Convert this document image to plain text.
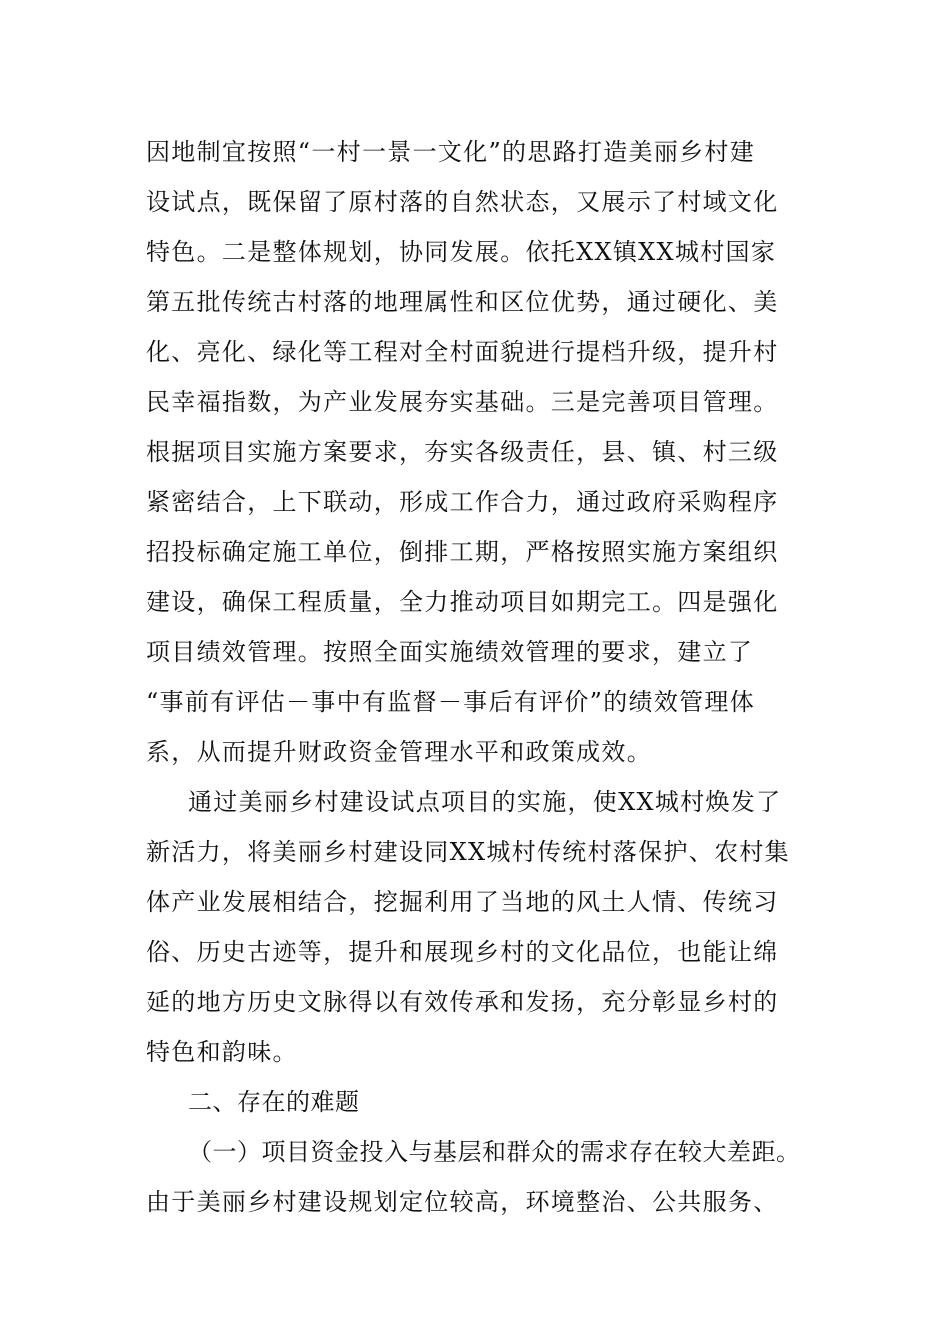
因地制宜按照“一村一景一文化”的思路打造美丽乡村建
设试点，既保留了原村落的自然状态，又展示了村域文化
特色。二是整体规划，协同发展。依托XX镇XX城村国家
第五批传统古村落的地理属性和区位优势，通过硬化、美
化、亮化、绿化等工程对全村面貌进行提档升级，提升村
民幸福指数，为产业发展夯实基础。三是完善项目管理。
根据项目实施方案要求，夯实各级责任，县、镇、村三级
紧密结合，上下联动，形成工作合力，通过政府采购程序
招投标确定施工单位，倒排工期，严格按照实施方案组织
建设，确保工程质量，全力推动项目如期完工。四是强化
项目绩效管理。按照全面实施绩效管理的要求，建立了
“事前有评估－事中有监督－事后有评价”的绩效管理体
系，从而提升财政资金管理水平和政策成效。
通过美丽乡村建设试点项目的实施，使XX城村焕发了
新活力，将美丽乡村建设同XX城村传统村落保护、农村集
体产业发展相结合，挖掘利用了当地的风土人情、传统习
俗、历史古迹等，提升和展现乡村的文化品位，也能让绵
延的地方历史文脉得以有效传承和发扬，充分彰显乡村的
特色和韵味。
二、存在的难题
（一）项目资金投入与基层和群众的需求存在较大差距。
由于美丽乡村建设规划定位较高，环境整治、公共服务、
